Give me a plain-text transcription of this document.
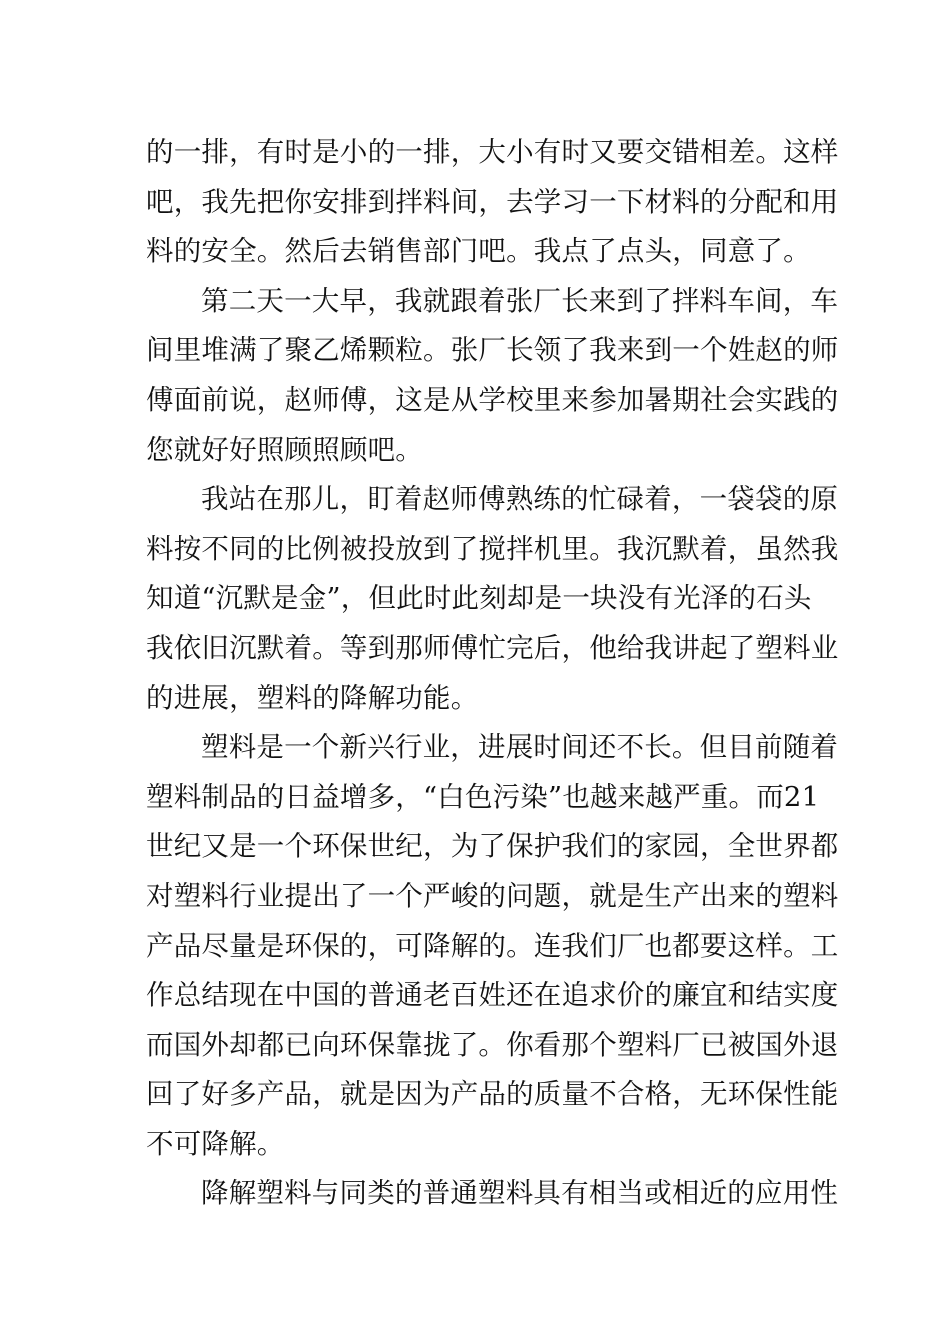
的一排，有时是小的一排，大小有时又要交错相差。这样
吧，我先把你安排到拌料间，去学习一下材料的分配和用
料的安全。然后去销售部门吧。我点了点头，同意了。
第二天一大早，我就跟着张厂长来到了拌料车间，车
间里堆满了聚乙烯颗粒。张厂长领了我来到一个姓赵的师
傅面前说，赵师傅，这是从学校里来参加暑期社会实践的
您就好好照顾照顾吧。
我站在那儿，盯着赵师傅熟练的忙碌着，一袋袋的原
料按不同的比例被投放到了搅拌机里。我沉默着，虽然我
知道“沉默是金”，但此时此刻却是一块没有光泽的石头
我依旧沉默着。等到那师傅忙完后，他给我讲起了塑料业
的进展，塑料的降解功能。
塑料是一个新兴行业，进展时间还不长。但目前随着
塑料制品的日益增多，“白色污染”也越来越严重。而21
世纪又是一个环保世纪，为了保护我们的家园，全世界都
对塑料行业提出了一个严峻的问题，就是生产出来的塑料
产品尽量是环保的，可降解的。连我们厂也都要这样。工
作总结现在中国的普通老百姓还在追求价的廉宜和结实度
而国外却都已向环保靠拢了。你看那个塑料厂已被国外退
回了好多产品，就是因为产品的质量不合格，无环保性能
不可降解。
降解塑料与同类的普通塑料具有相当或相近的应用性
